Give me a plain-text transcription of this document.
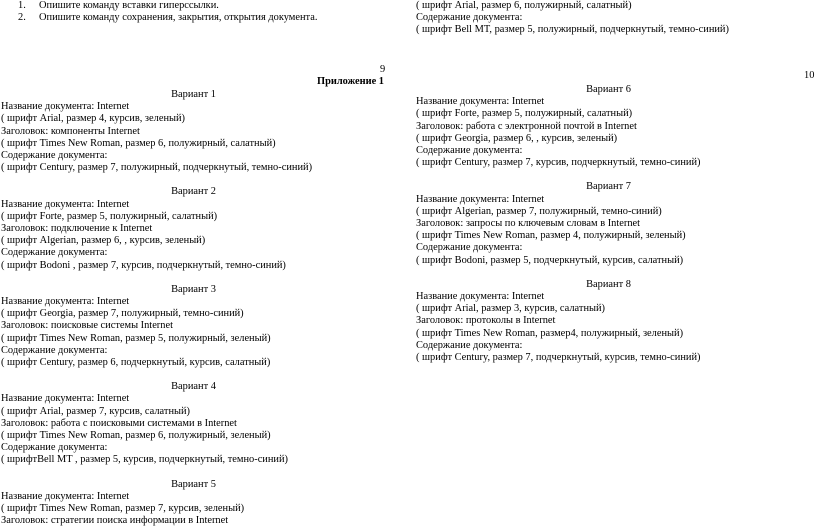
1. Опишите команду вставки гиперссылки.
2. Опишите команду сохранения, закрытия, открытия документа.
( шрифт Arial, размер 6, полужирный, салатный)
Содержание документа:
( шрифт Bell MT, размер 5, полужирный, подчеркнутый, темно-синий)
9
Приложение 1
Вариант 1
Название документа: Internet
( шрифт Arial, размер 4, курсив, зеленый)
Заголовок: компоненты Internet
( шрифт Times New Roman, размер 6, полужирный, салатный)
Содержание документа:
( шрифт Century, размер 7, полужирный, подчеркнутый, темно-синий)
Вариант 2
Название документа: Internet
( шрифт Forte, размер 5, полужирный, салатный)
Заголовок: подключение к Internet
( шрифт Algerian, размер 6, , курсив, зеленый)
Содержание документа:
( шрифт Bodoni , размер 7, курсив, подчеркнутый, темно-синий)
Вариант 3
Название документа: Internet
( шрифт Georgia, размер 7, полужирный, темно-синий)
Заголовок: поисковые системы Internet
( шрифт Times New Roman, размер 5, полужирный, зеленый)
Содержание документа:
( шрифт Century, размер 6, подчеркнутый, курсив, салатный)
Вариант 4
Название документа: Internet
( шрифт Arial, размер 7, курсив, салатный)
Заголовок: работа с поисковыми системами в Internet
( шрифт Times New Roman, размер 6, полужирный, зеленый)
Содержание документа:
( шрифтBell MT , размер 5, курсив, подчеркнутый, темно-синий)
Вариант 5
Название документа: Internet
( шрифт Times New Roman, размер 7, курсив, зеленый)
Заголовок: стратегии поиска информации в Internet
10
Вариант 6
Название документа: Internet
( шрифт Forte, размер 5, полужирный, салатный)
Заголовок: работа с электронной почтой в Internet
( шрифт Georgia, размер 6, , курсив, зеленый)
Содержание документа:
( шрифт Century, размер 7, курсив, подчеркнутый, темно-синий)
Вариант 7
Название документа: Internet
( шрифт Algerian, размер 7, полужирный, темно-синий)
Заголовок: запросы по ключевым словам в Internet
( шрифт Times New Roman, размер 4, полужирный, зеленый)
Содержание документа:
( шрифт Bodoni, размер 5, подчеркнутый, курсив, салатный)
Вариант 8
Название документа: Internet
( шрифт Arial, размер 3, курсив, салатный)
Заголовок: протоколы в Internet
( шрифт Times New Roman, размер4, полужирный, зеленый)
Содержание документа:
( шрифт Century, размер 7, подчеркнутый, курсив, темно-синий)
